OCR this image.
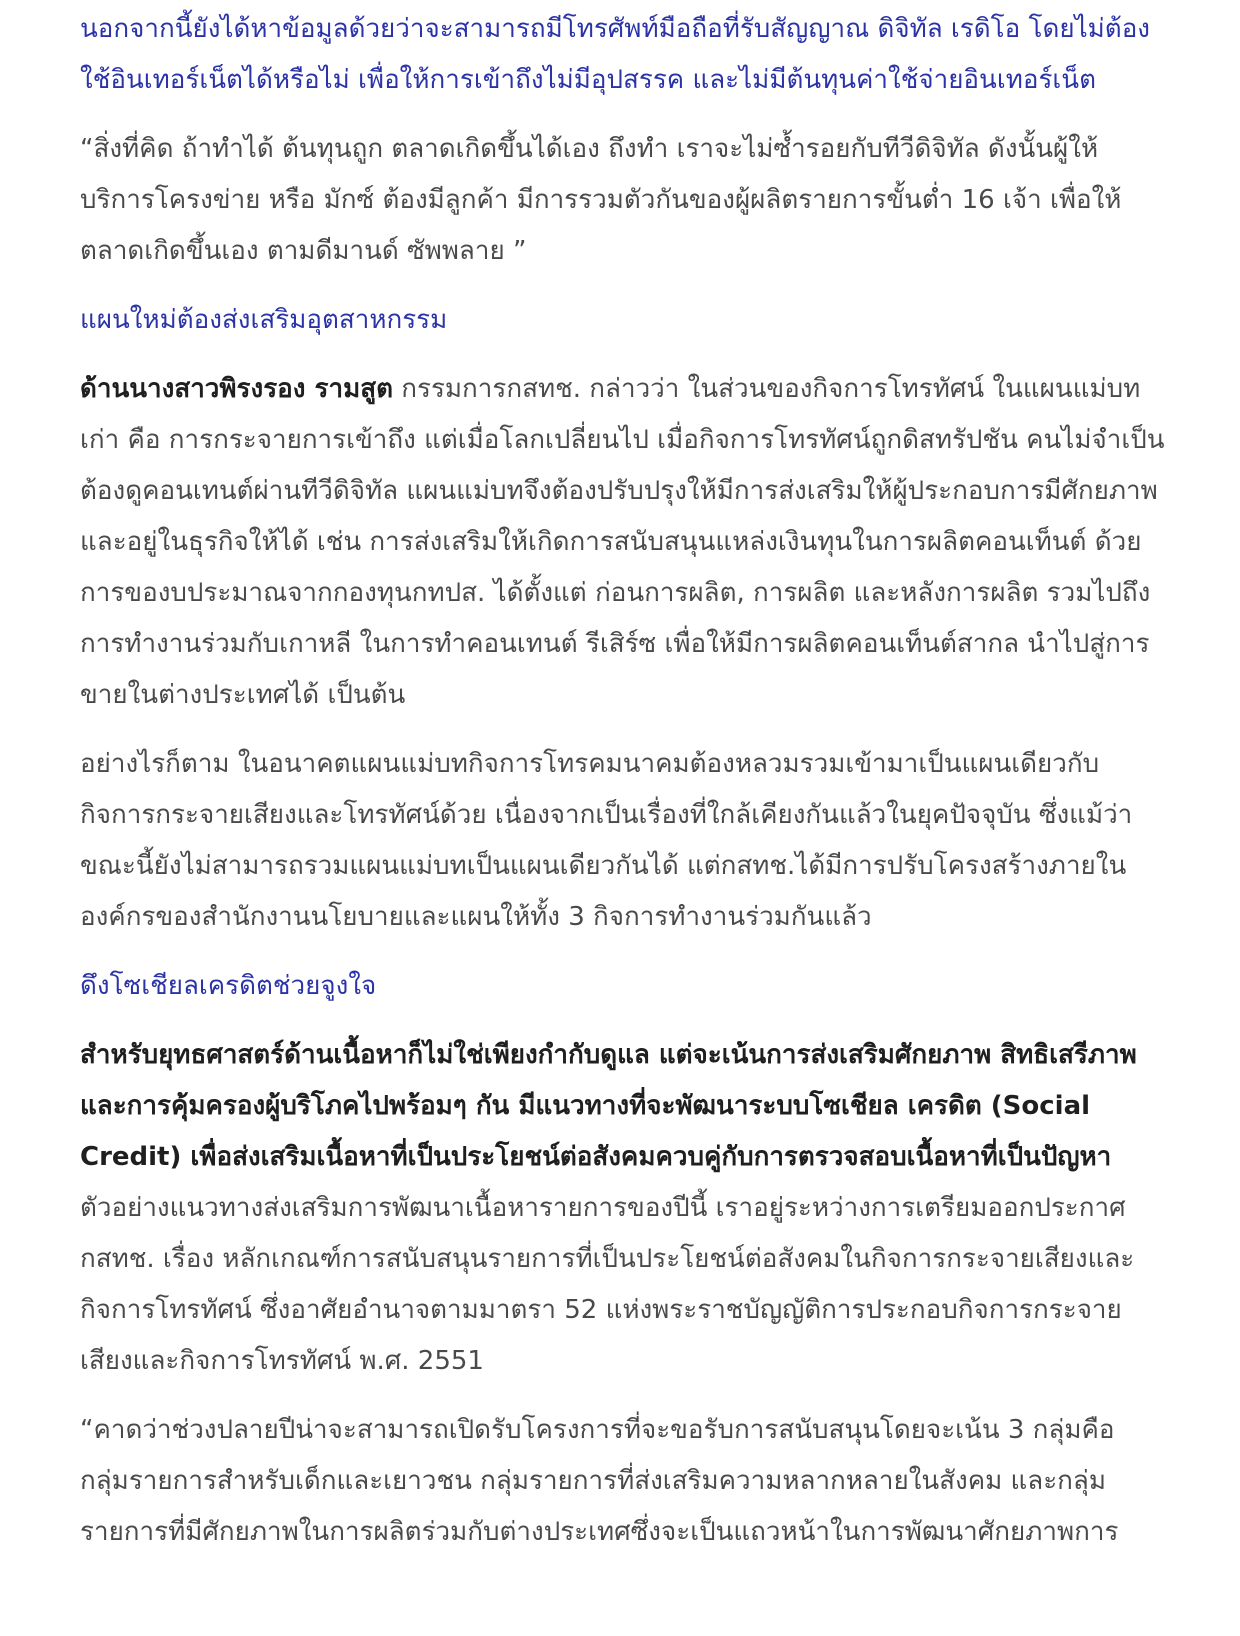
นอกจากนี้ยังได้หาข้อมูลด้วยว่าจะสามารถมีโทรศัพท์มือถือที่รับสัญญาณ ดิจิทัล เรดิโอ โดยไม่ต้องใช้อินเทอร์เน็ตได้หรือไม่ เพื่อให้การเข้าถึงไม่มีอุปสรรค และไม่มีต้นทุนค่าใช้จ่ายอินเทอร์เน็ต

“สิ่งที่คิด ถ้าทำได้ ต้นทุนถูก ตลาดเกิดขึ้นได้เอง ถึงทำ เราจะไม่ซ้ำรอยกับทีวีดิจิทัล ดังนั้นผู้ให้บริการโครงข่าย หรือ มักซ์ ต้องมีลูกค้า มีการรวมตัวกันของผู้ผลิตรายการขั้นต่ำ 16 เจ้า เพื่อให้ตลาดเกิดขึ้นเอง ตามดีมานด์ ซัพพลาย ”

แผนใหม่ต้องส่งเสริมอุตสาหกรรม

ด้านนางสาวพิรงรอง รามสูต กรรมการกสทช. กล่าวว่า ในส่วนของกิจการโทรทัศน์ ในแผนแม่บทเก่า คือ การกระจายการเข้าถึง แต่เมื่อโลกเปลี่ยนไป เมื่อกิจการโทรทัศน์ถูกดิสทรัปชัน คนไม่จำเป็นต้องดูคอนเทนต์ผ่านทีวีดิจิทัล แผนแม่บทจึงต้องปรับปรุงให้มีการส่งเสริมให้ผู้ประกอบการมีศักยภาพและอยู่ในธุรกิจให้ได้ เช่น การส่งเสริมให้เกิดการสนับสนุนแหล่งเงินทุนในการผลิตคอนเท็นต์ ด้วยการของบประมาณจากกองทุนกทปส. ได้ตั้งแต่ ก่อนการผลิต, การผลิต และหลังการผลิต รวมไปถึงการทำงานร่วมกับเกาหลี ในการทำคอนเทนต์ รีเสิร์ซ เพื่อให้มีการผลิตคอนเท็นต์สากล นำไปสู่การขายในต่างประเทศได้ เป็นต้น

อย่างไรก็ตาม ในอนาคตแผนแม่บทกิจการโทรคมนาคมต้องหลวมรวมเข้ามาเป็นแผนเดียวกับกิจการกระจายเสียงและโทรทัศน์ด้วย เนื่องจากเป็นเรื่องที่ใกล้เคียงกันแล้วในยุคปัจจุบัน ซึ่งแม้ว่าขณะนี้ยังไม่สามารถรวมแผนแม่บทเป็นแผนเดียวกันได้ แต่กสทช.ได้มีการปรับโครงสร้างภายในองค์กรของสำนักงานนโยบายและแผนให้ทั้ง 3 กิจการทำงานร่วมกันแล้ว

ดึงโซเชียลเครดิตช่วยจูงใจ

สำหรับยุทธศาสตร์ด้านเนื้อหาก็ไม่ใช่เพียงกำกับดูแล แต่จะเน้นการส่งเสริมศักยภาพ สิทธิเสรีภาพ และการคุ้มครองผู้บริโภคไปพร้อมๆ กัน มีแนวทางที่จะพัฒนาระบบโซเชียล เครดิต (Social Credit) เพื่อส่งเสริมเนื้อหาที่เป็นประโยชน์ต่อสังคมควบคู่กับการตรวจสอบเนื้อหาที่เป็นปัญหา ตัวอย่างแนวทางส่งเสริมการพัฒนาเนื้อหารายการของปีนี้ เราอยู่ระหว่างการเตรียมออกประกาศ กสทช. เรื่อง หลักเกณฑ์การสนับสนุนรายการที่เป็นประโยชน์ต่อสังคมในกิจการกระจายเสียงและกิจการโทรทัศน์ ซึ่งอาศัยอำนาจตามมาตรา 52 แห่งพระราชบัญญัติการประกอบกิจการกระจายเสียงและกิจการโทรทัศน์ พ.ศ. 2551

“คาดว่าช่วงปลายปีน่าจะสามารถเปิดรับโครงการที่จะขอรับการสนับสนุนโดยจะเน้น 3 กลุ่มคือ กลุ่มรายการสำหรับเด็กและเยาวชน กลุ่มรายการที่ส่งเสริมความหลากหลายในสังคม และกลุ่มรายการที่มีศักยภาพในการผลิตร่วมกับต่างประเทศซึ่งจะเป็นแถวหน้าในการพัฒนาศักยภาพการ
